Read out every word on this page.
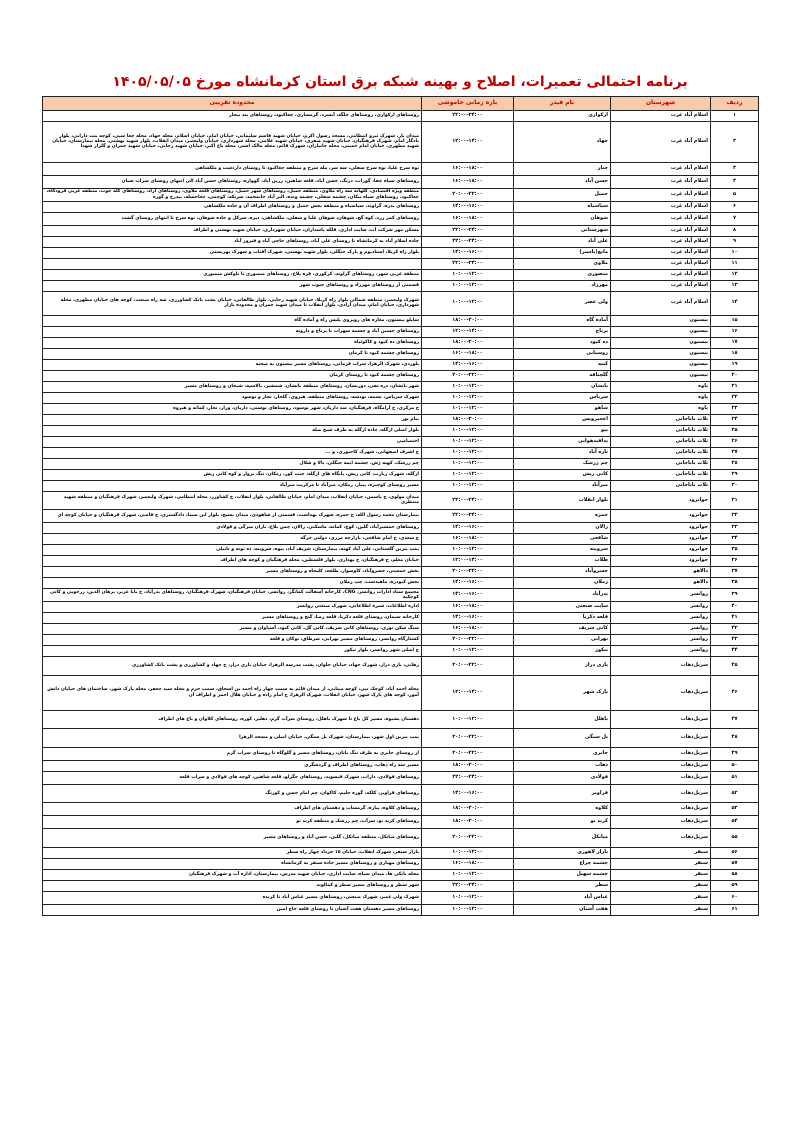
برنامه احتمالی تعمیرات، اصلاح و بهینه شبکه برق استان کرمانشاه مورخ ۱۴۰۵/۰۵/۰۵
ردیف	شهرستان	نام فیدر	بازه زمانی خاموشی	محدوده تقریبی
۱	اسلام آباد غرب	ارکوازی	۲۲:۰۰-۲۴:۰۰	روستاهای ارکوازی، روستاهای جلگه، آبسرد، گرمساری، چغاکبود، روستاهای بند بیجار
۲	اسلام آباد غرب	جهاد	۱۲:۰۰-۱۴:۰۰	میدان بار، شهرک نیرو انتظامی، مسجد رسول اکرم، خیابان شهید قاسم سلیمانی، خیابان امام، خیابان اسلام، محله جهاد، محله چغا سپی، کوچه بنت دارایی، بلوار یادگار امام، شهرک فرهنگیان، خیابان شهید صفری، خیابان شهید غلامی، محله شهرداری، خیابان ولیعصر، میدان انقلاب، بلوار شهید بهشتی، محله بیمارستان، خیابان شهید مطهری، خیابان امام خمینی، محله جانبازان، شهرک قائم، محله مالک اشتر، محله باغ اکبر، خیابان شهید رجایی، خیابان شهید چمران و گلزار شهدا
۳	اسلام آباد غرب	چنار	۱۶:۰۰-۱۸:۰۰	نوه سرخ علیا، نوه سرخ سفلی، سه سر، مله سرخ و منطقه چغاکبود تا روستای داردشت و ملکشاهی
۴	اسلام آباد غرب	حسن آباد	۱۶:۰۰-۱۸:۰۰	روستاهای سیاه چقا، گوراب، درنگ، حسن آباد، قلعه شاهین، زرین آباد، گهواره، روستاهای حسن آباد الی انتهای روستای سراب شیان
۵	اسلام آباد غرب	حمیل	۲۰:۰۰-۲۲:۰۰	منطقه ویژه اقتصادی، کلهانه سه راه ملاوی، منطقه حمیل، روستاهای شهر حمیل، روستاهای قلعه ملاوی، روستاهای آزاد، روستاهای کله جوب، منطقه غربی فرودگاه، چغاکبود، روستاهای سیاه بیکان، چشمه سفلی، چشمه ونده، الیر آباد خانمحمد، سرتکه، کوچمی، چغاحسله، بیدرخ و گوره
۶	اسلام آباد غرب	سیاسیاه	۱۴:۰۰-۱۶:۰۰	روستاهای بدره، گراوند، سیاسیاه و منطقه بخش حمیل و روستاهای اطراف آن و جاده ملکشاهی
۷	اسلام آباد غرب	شوهان	۱۶:۰۰-۱۸:۰۰	روستاهای کمر زرد، کوه گچ، شوهان، شوهان علیا و سفلی، ملکشاهی، دیره، سرکل و جاده شوهان، نوه سرخ تا انتهای روستای گشت
۸	اسلام آباد غرب	شهرستانی	۲۲:۰۰-۲۴:۰۰	مسکن مهر شرکت آب، سایت اداری، فلکه پاسداران، خیابان شهرداری، خیابان شهید بهشتی و اطراف
۹	اسلام آباد غرب	علی آباد	۲۲:۰۰-۲۴:۰۰	جاده اسلام آباد به کرمانشاه تا روستای علی آباد، روستاهای حاجی آباد و فیروز آباد
۱۰	اسلام آباد غرب	مایع(پاسیر)	۱۴:۰۰-۱۶:۰۰	بلوار راه کربلا، استادیوم و پارک جنگلی، بلوار شهید بهشتی، شهرک آفتاب و شهرک بهزیستی
۱۱	اسلام آباد غرب	ملاوی	۲۲:۰۰-۲۴:۰۰	
۱۲	اسلام آباد غرب	منصوری	۱۰:۰۰-۱۲:۰۰	منطقه غربی شهر، روستاهای گراوند، کرکوزی، قره بلاغ، روستاهای منصوری تا ناوکش منصوری
۱۳	اسلام آباد غرب	مهرزاد	۱۰:۰۰-۱۲:۰۰	قسمتی از روستاهای مهرزاد و روستاهای جنوب شهر
۱۴	اسلام آباد غرب	ولی عصر	۱۰:۰۰-۱۲:۰۰	شهرک ولیعصر، منطقه شمالی بلوار راه کربلا، خیابان شهید رجایی، بلوار طالقانی، خیابان پشت بانک کشاورزی، سه راه صنعت، کوچه های خیابان مطهری، محله شهرداری، خیابان امام، میدان آزادی، بلوار انقلاب تا میدان شهید چمران و محدوده بازار
۱۵	بیستون	آماده گاه	۱۸:۰۰-۲۰:۰۰	سایلو بیستون، مغازه های روبروی پلیس راه و آماده گاه
۱۶	بیستون	برناج	۱۲:۰۰-۱۴:۰۰	روستاهای حسین آباد و چشمه سهراب تا برناج و دارونه
۱۷	بیستون	ده کبود	۱۸:۰۰-۲۰:۰۰	روستاهای ده کبود و کاکوئیاه
۱۸	بیستون	روستایی	۱۶:۰۰-۱۸:۰۰	روستاهای چشمه کبود تا کرمان
۱۹	بیستون	کنیه	۱۴:۰۰-۱۶:۰۰	بلوردی، شهرک الزهرا، سراب فرمانی، روستاهای مسیر بیستون به صحنه
۲۰	بیستون	گلچناقه	۲۰:۰۰-۲۲:۰۰	روستاهای چشمه کبود تا روستای کرمان
۲۱	پاوه	بانشان	۱۰:۰۰-۱۲:۰۰	شهر بانشان، دره تفی، دوریسان، روستاهای منطقه بانشان، شمشیر، بالاسپه، شیخان و روستاهای مسیر
۲۲	پاوه	سریاس	۱۰:۰۰-۱۲:۰۰	شهرک سریاس، نسمه، نودشه، روستاهای منطقه، هیروی، گلجار، نجار و نوسود
۲۳	پاوه	شاهو	۱۰:۰۰-۱۲:۰۰	ح مرکزی، ح آرامگاه، فرهنگیان، سد داریان، شهر نوسود، روستاهای نوشنی، داریان، وزار، نجار، کمانه و هیروه
۲۴	ثلاث باباجانی	اعجیرویس	۱۸:۰۰-۲۰:۰۰	بیام نور
۲۵	ثلاث باباجانی	پیو	۱۰:۰۰-۱۲:۰۰	بلوار اصلی ازگله، جاده ازگله به طرف شیخ صله
۲۶	ثلاث باباجانی	پدافندهوایی	۱۰:۰۰-۱۲:۰۰	اختصاصی
۲۷	ثلاث باباجانی	تازه آباد	۱۰:۰۰-۱۲:۰۰	ح اشرف اصفهانی، شهرک کاجیوری، و ...
۲۸	ثلاث باباجانی	چم زرشک	۱۰:۰۰-۱۲:۰۰	چم زرشک، کهنه ژش، چشمه ایمه جنگلی، بالا و شلال
۲۹	ثلاث باباجانی	کانی ریش	۱۰:۰۰-۱۲:۰۰	ازگله، شهرک زیارت، کانی ریش، پایگاه های ازگله، چیت کور، زمکان، تنگ بروار و کوه کانی ریش
۳۰	ثلاث باباجانی	میرآباد	۱۰:۰۰-۱۲:۰۰	مسیر روستای کوچیره، پیباز، زمکان، میرآباد تا مرکزیت میرآباد
۳۱	جوانرود	بلوار انقلاب	۲۲:۰۰-۲۴:۰۰	میدان مولوی، ح یاسمن، خیابان انقلاب، میدان امام، خیابان طالقانی، بلوار انقلاب، ح کشاورز، محله انتظامی، شهرک ولیعصر، شهرک فرهنگیان و منطقه شهید منتظری
۳۲	جوانرود	حمزه	۲۲:۰۰-۲۴:۰۰	بیمارستان محمد رسول الله، ح حمزه، شهرک بهداشت، قسمتی از شاهودی، میدان بسیج، بلوار ابن سینا، دادگستری، ح قاضی، شهرک فرهنگیان و خیابان کوچه ای
۳۳	جوانرود	زالان	۱۴:۰۰-۱۶:۰۰	روستاهای جمشیرآباد، گلین، کوچ، کمانه، ماسکنی، زالان، چمن بلاغ، بازان میرگی و فولادی
۳۴	جوانرود	شافعی	۱۶:۰۰-۱۸:۰۰	ح سعدی، ح امام شافعی، بازارچه مرزی، دولتی خرگه
۳۵	جوانرود	شروینه	۱۰:۰۰-۱۲:۰۰	پمپ بنزین گلستانی، علی آباد کهنه، بیمارستان، شریف آباد، پیوه، شروینه، ده تونه و تاتیلی
۳۶	جوانرود	طلاب	۱۲:۰۰-۱۴:۰۰	خیابان معلم، ح فرهنگیان، ح بهداری، بلوار فلسطین، محله فرهنگیان و کوچه های اطراف
۳۷	دالاهو	خسروآباد	۲۰:۰۰-۲۲:۰۰	بخش جمعیتی، خسروآباد، کاوسوار، طلحه، کلیجاه و روستاهای مسیر
۳۸	دالاهو	زملان	۱۴:۰۰-۱۶:۰۰	بخش کبودره، ماهیدشت، چپ زملان
۳۹	روانسر	بدرآباد	۱۴:۰۰-۱۶:۰۰	مجتمع ستاد ادارات روانسر، CNG، کارخانه آسفالت کمانگر، روانسر، خیابان فرهنگیان، شهرک فرهنگیان، روستاهای بدرآباد، ح بابا عزیز، برهان الدین، زرجوبی و کانی کوچکیه
۴۰	روانسر	سایت صنعتی	۱۶:۰۰-۱۸:۰۰	اداره اطلاعات، شیره اطلاعاتی، شهرک صنعتی روانسر
۴۱	روانسر	قلعه دکریا	۱۴:۰۰-۱۶:۰۰	کارخانه سیمان، روستای قلعه دکریا، قلعه رضا، گنج و روستاهای مسیر
۴۲	روانسر	کانی شریف	۱۶:۰۰-۱۸:۰۰	سنگ شکن نوری، روستاهای کانی شریف، کانی گل، کانی کبود، آسیاوان و مسیر
۴۳	روانسر	نهرابی	۲۰:۰۰-۲۲:۰۰	کشتارگاه روانسر، روستاهای مسیر نهرابی، سرطاق، نوکان و قلعه
۴۴	روانسر	نیکوز	۱۰:۰۰-۱۲:۰۰	ح اصلی شهر روانسر، بلوار نیکوز
۴۵	سرپل‌ذهاب	بازی دراز	۲۰:۰۰-۲۲:۰۰	زهابی، بازی دراز، شهرک جهاد، خیابان حلوان، پشت مدرسه الزهرا، خیابان بازی دراز، ح جهاد و کشاورزی و پشت بانک کشاورزی
۴۶	سرپل‌ذهاب	پارک شهر	۱۲:۰۰-۱۴:۰۰	محله احمد آباد، کوچک نبی، کوچه مینایی، از میدان قائم به سمت چهار راه احمد بن اسحاق، سمت حرم و محله سید جعفر، محله پارک شهر، ساختمان های خیابان دانش آموز، کوچه های پارک شهر، خیابان انقلاب، شهرک الزهرا، ح امام زاده و خیابان هلال احمر و اطراف آن
۴۷	سرپل‌ذهاب	باهلل	۱۰:۰۰-۱۲:۰۰	دهستان بشیوه، مسیر کل باغ تا شهرک باهلل، روستای سرآب گرم، دهلیز، کوره، روستاهای کلاوان و باغ های اطراف
۴۸	سرپل‌ذهاب	پل سنگی	۲۰:۰۰-۲۲:۰۰	پمپ بنزین اول شهر، بیمارستان، شهرک پل سنگی، خیابان اصلی و مسجد الزهرا
۴۹	سرپل‌ذهاب	جابری	۲۰:۰۰-۲۲:۰۰	از روستای جابری به طرف تنگ بانان، روستاهای مسیر و گلوگاه تا روستای سراب گرم
۵۰	سرپل‌ذهاب	ذهاب	۱۸:۰۰-۲۰:۰۰	مسیر سه راه ذهاب، روستاهای اطراف و گردشگری
۵۱	سرپل‌ذهاب	فولادی	۲۲:۰۰-۲۴:۰۰	روستاهای فولادی، داراب، شهرک قیسوند، روستاهای جگرلو، قلعه شاهین، کوچه های فولادی و سراب قلعه
۵۲	سرپل‌ذهاب	قراویز	۱۴:۰۰-۱۶:۰۰	روستاهای قراویز، کلکه، گوره حلیم، کاکوان، چم امام حسن و کورنگ
۵۳	سرپل‌ذهاب	کلاوه	۱۸:۰۰-۲۰:۰۰	روستاهای کلاوه، بیاره، گرمساب و دهستان های اطراف
۵۴	سرپل‌ذهاب	کرند نو	۱۸:۰۰-۲۰:۰۰	روستاهای کرند نو، سرآب، چم زرشک و منطقه کرند نو
۵۵	سرپل‌ذهاب	میانکل	۲۰:۰۰-۲۲:۰۰	روستاهای میانکل، منطقه میانکل، گلین، حسن آباد و روستاهای مسیر
۵۶	سنقر	بازار لاهوری	۱۰:۰۰-۱۲:۰۰	بازار سنقر، شهرک انقلاب، خیابان ۱۵ خرداد چهار راه سطر
۵۷	سنقر	چشمه چراغ	۱۶:۰۰-۱۸:۰۰	روستاهای مهیاری و روستاهای مسیر جاده سنقر به کرمانشاه
۵۸	سنقر	چشمه سهیل	۱۰:۰۰-۱۲:۰۰	محله بانکی ها، میدان سپاه، سایت اداری، خیابان شهید مدرس، بیمارستان، اداره آب و شهرک فرهنگیان
۵۹	سنقر	سطر	۲۲:۰۰-۲۴:۰۰	شهر سطر و روستاهای مسیر سطر و کمالوند
۶۰	سنقر	عباس آباد	۱۰:۰۰-۱۲:۰۰	شهرک ولی عصر، شهرک صنعتی، روستاهای مسیر عباس آباد تا کرنده
۶۱	سنقر	هفت آشیان	۱۰:۰۰-۱۲:۰۰	روستاهای مسیر دهستان هفت آشیان تا روستای قلعه حاج امین
